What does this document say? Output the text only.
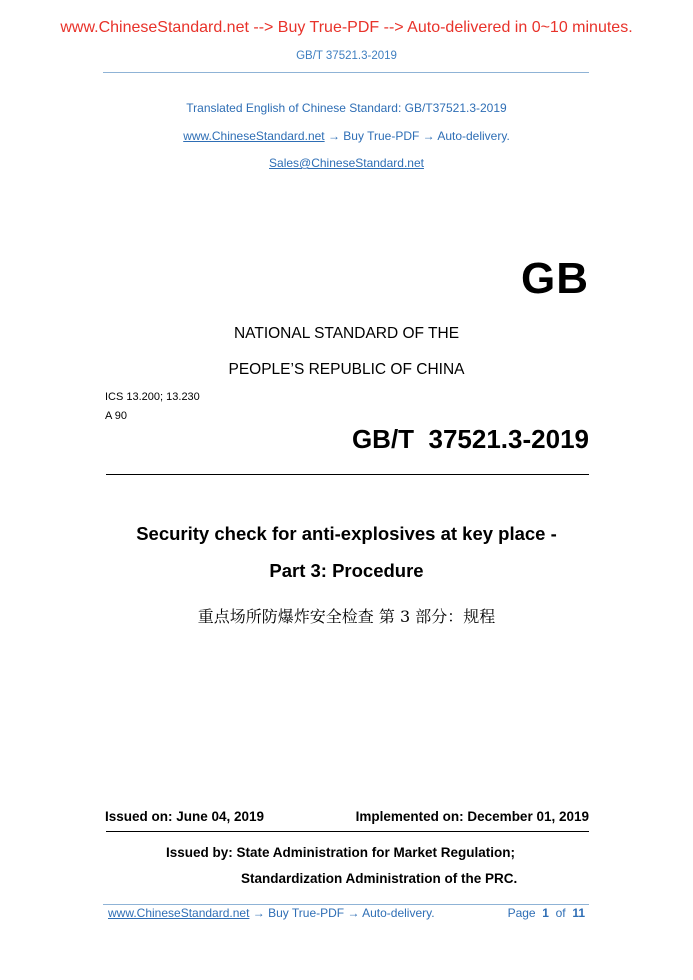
www.ChineseStandard.net --> Buy True-PDF --> Auto-delivered in 0~10 minutes.
GB/T 37521.3-2019
Translated English of Chinese Standard: GB/T37521.3-2019
www.ChineseStandard.net → Buy True-PDF → Auto-delivery.
Sales@ChineseStandard.net
GB
NATIONAL STANDARD OF THE
PEOPLE’S REPUBLIC OF CHINA
ICS 13.200; 13.230
A 90
GB/T  37521.3-2019
Security check for anti-explosives at key place -
Part 3: Procedure
重点场所防爆炸安全检查 第 3 部分：规程
Issued on: June 04, 2019	Implemented on: December 01, 2019
Issued by: State Administration for Market Regulation;
Standardization Administration of the PRC.
www.ChineseStandard.net → Buy True-PDF → Auto-delivery.	Page 1 of 11
